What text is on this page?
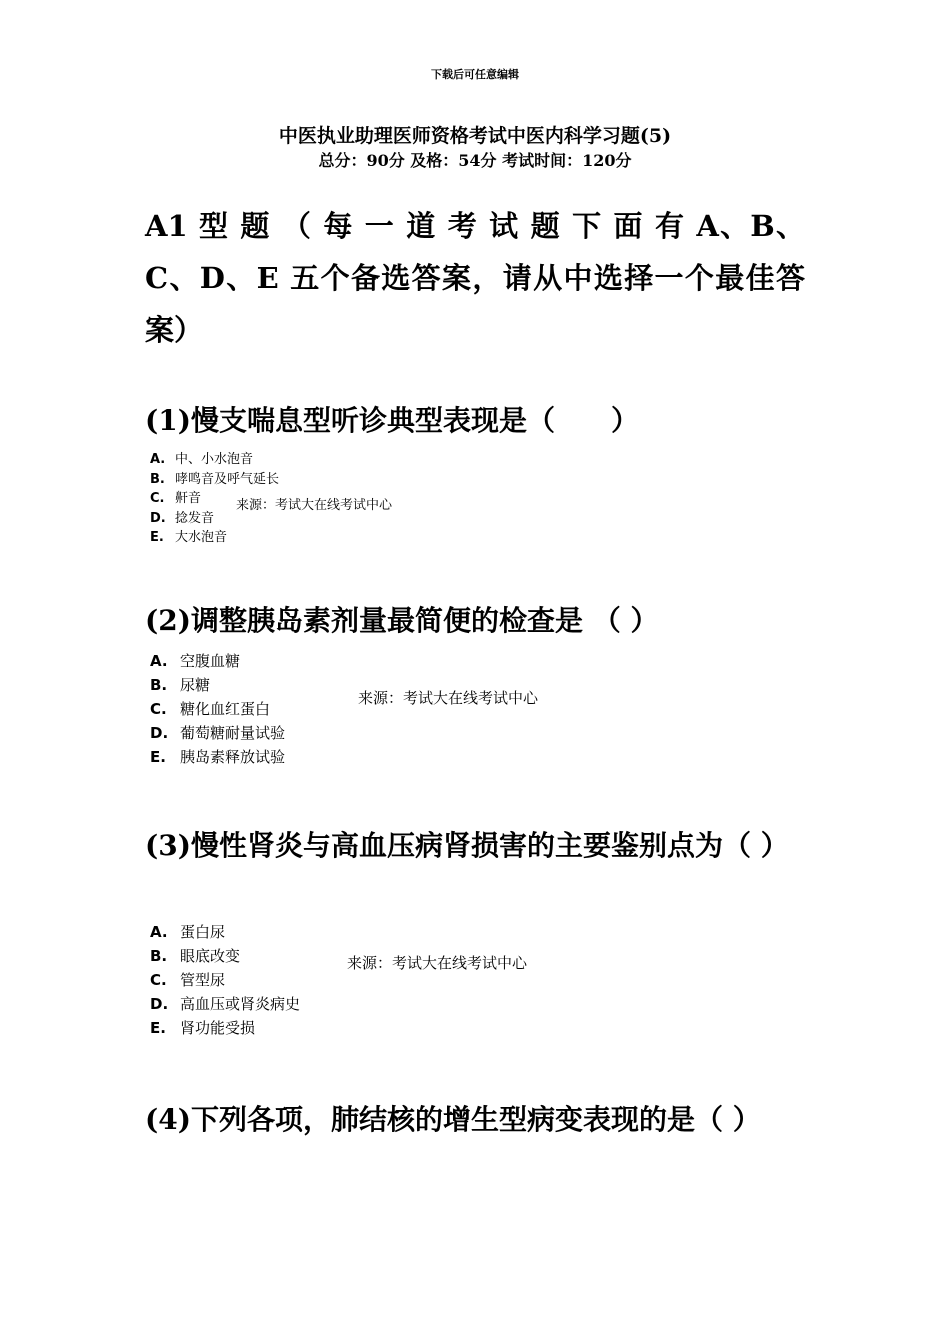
下载后可任意编辑
中医执业助理医师资格考试中医内科学习题(5)
总分：90分 及格：54分 考试时间：120分
A1 型 题 （ 每 一 道 考 试 题 下 面 有 A、B、C、D、E 五个备选答案，请从中选择一个最佳答案）
(1)慢支喘息型听诊典型表现是（　　）
A. 中、小水泡音
B. 哮鸣音及呼气延长
C. 鼾音
D. 捻发音
E. 大水泡音
来源：考试大在线考试中心
(2)调整胰岛素剂量最简便的检查是 （ ）
A. 空腹血糖
B. 尿糖
C. 糖化血红蛋白
D. 葡萄糖耐量试验
E. 胰岛素释放试验
来源：考试大在线考试中心
(3)慢性肾炎与高血压病肾损害的主要鉴别点为（ ）
A. 蛋白尿
B. 眼底改变
C. 管型尿
D. 高血压或肾炎病史
E. 肾功能受损
来源：考试大在线考试中心
(4)下列各项，肺结核的增生型病变表现的是（ ）
